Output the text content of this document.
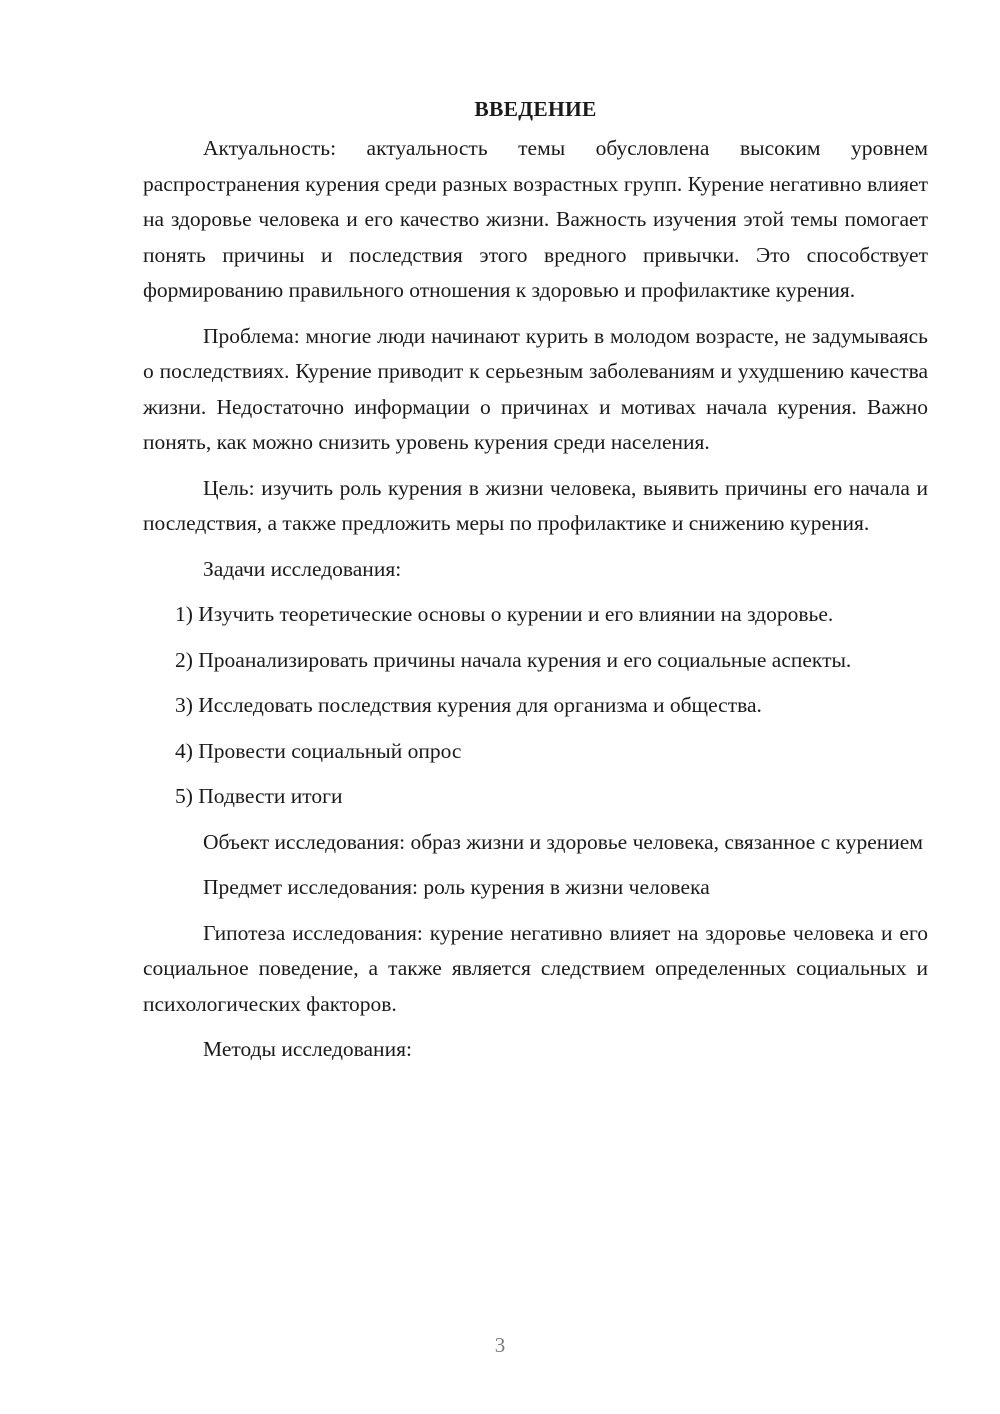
ВВЕДЕНИЕ

Актуальность: актуальность темы обусловлена высоким уровнем распространения курения среди разных возрастных групп. Курение негативно влияет на здоровье человека и его качество жизни. Важность изучения этой темы помогает понять причины и последствия этого вредного привычки. Это способствует формированию правильного отношения к здоровью и профилактике курения.

Проблема: многие люди начинают курить в молодом возрасте, не задумываясь о последствиях. Курение приводит к серьезным заболеваниям и ухудшению качества жизни. Недостаточно информации о причинах и мотивах начала курения. Важно понять, как можно снизить уровень курения среди населения.

Цель: изучить роль курения в жизни человека, выявить причины его начала и последствия, а также предложить меры по профилактике и снижению курения.

Задачи исследования:

1) Изучить теоретические основы о курении и его влиянии на здоровье.

2) Проанализировать причины начала курения и его социальные аспекты.

3) Исследовать последствия курения для организма и общества.

4) Провести социальный опрос

5) Подвести итоги

Объект исследования: образ жизни и здоровье человека, связанное с курением

Предмет исследования: роль курения в жизни человека

Гипотеза исследования: курение негативно влияет на здоровье человека и его социальное поведение, а также является следствием определенных социальных и психологических факторов.

Методы исследования:

3
